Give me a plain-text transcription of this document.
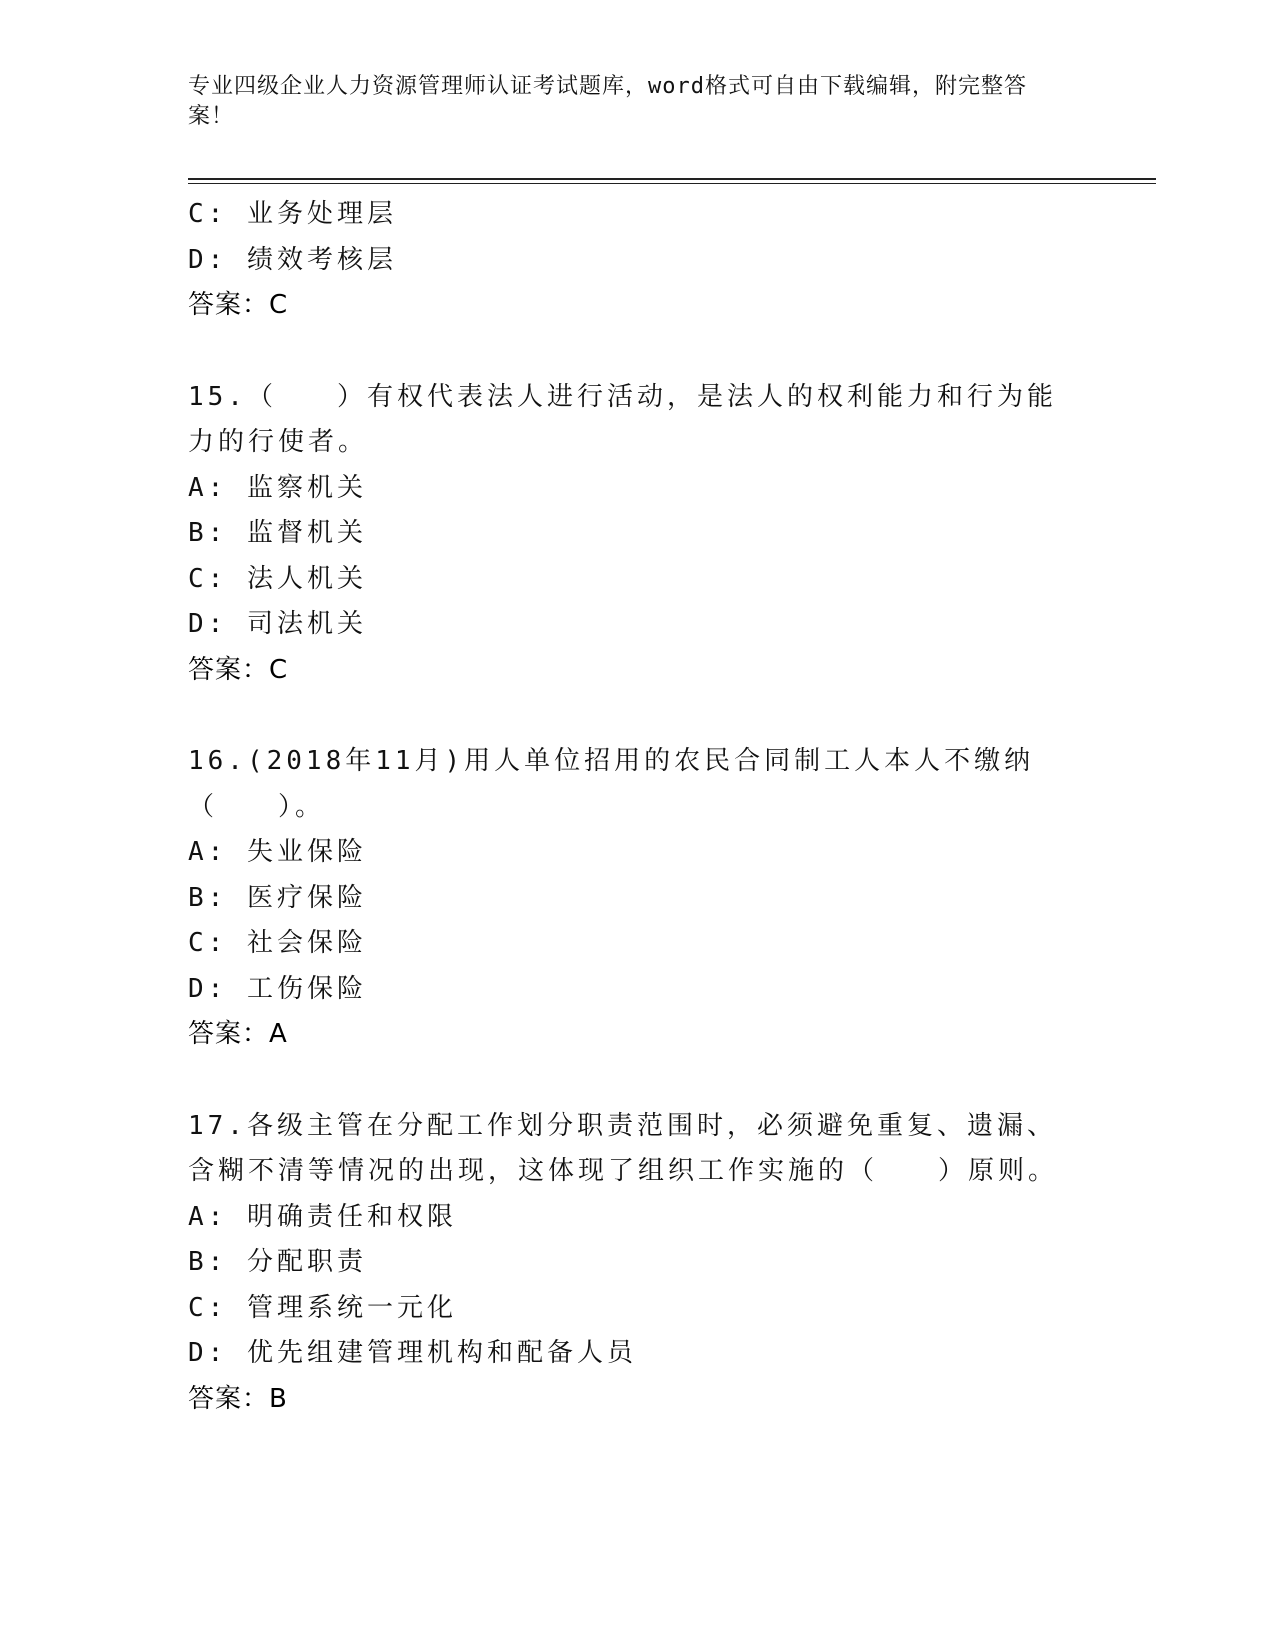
专业四级企业人力资源管理师认证考试题库，word格式可自由下载编辑，附完整答案！
C: 业务处理层
D: 绩效考核层
答案：C
15.（　　）有权代表法人进行活动，是法人的权利能力和行为能力的行使者。
A: 监察机关
B: 监督机关
C: 法人机关
D: 司法机关
答案：C
16.(2018年11月)用人单位招用的农民合同制工人本人不缴纳（　　）。
A: 失业保险
B: 医疗保险
C: 社会保险
D: 工伤保险
答案：A
17.各级主管在分配工作划分职责范围时，必须避免重复、遗漏、含糊不清等情况的出现，这体现了组织工作实施的（　　）原则。
A: 明确责任和权限
B: 分配职责
C: 管理系统一元化
D: 优先组建管理机构和配备人员
答案：B
